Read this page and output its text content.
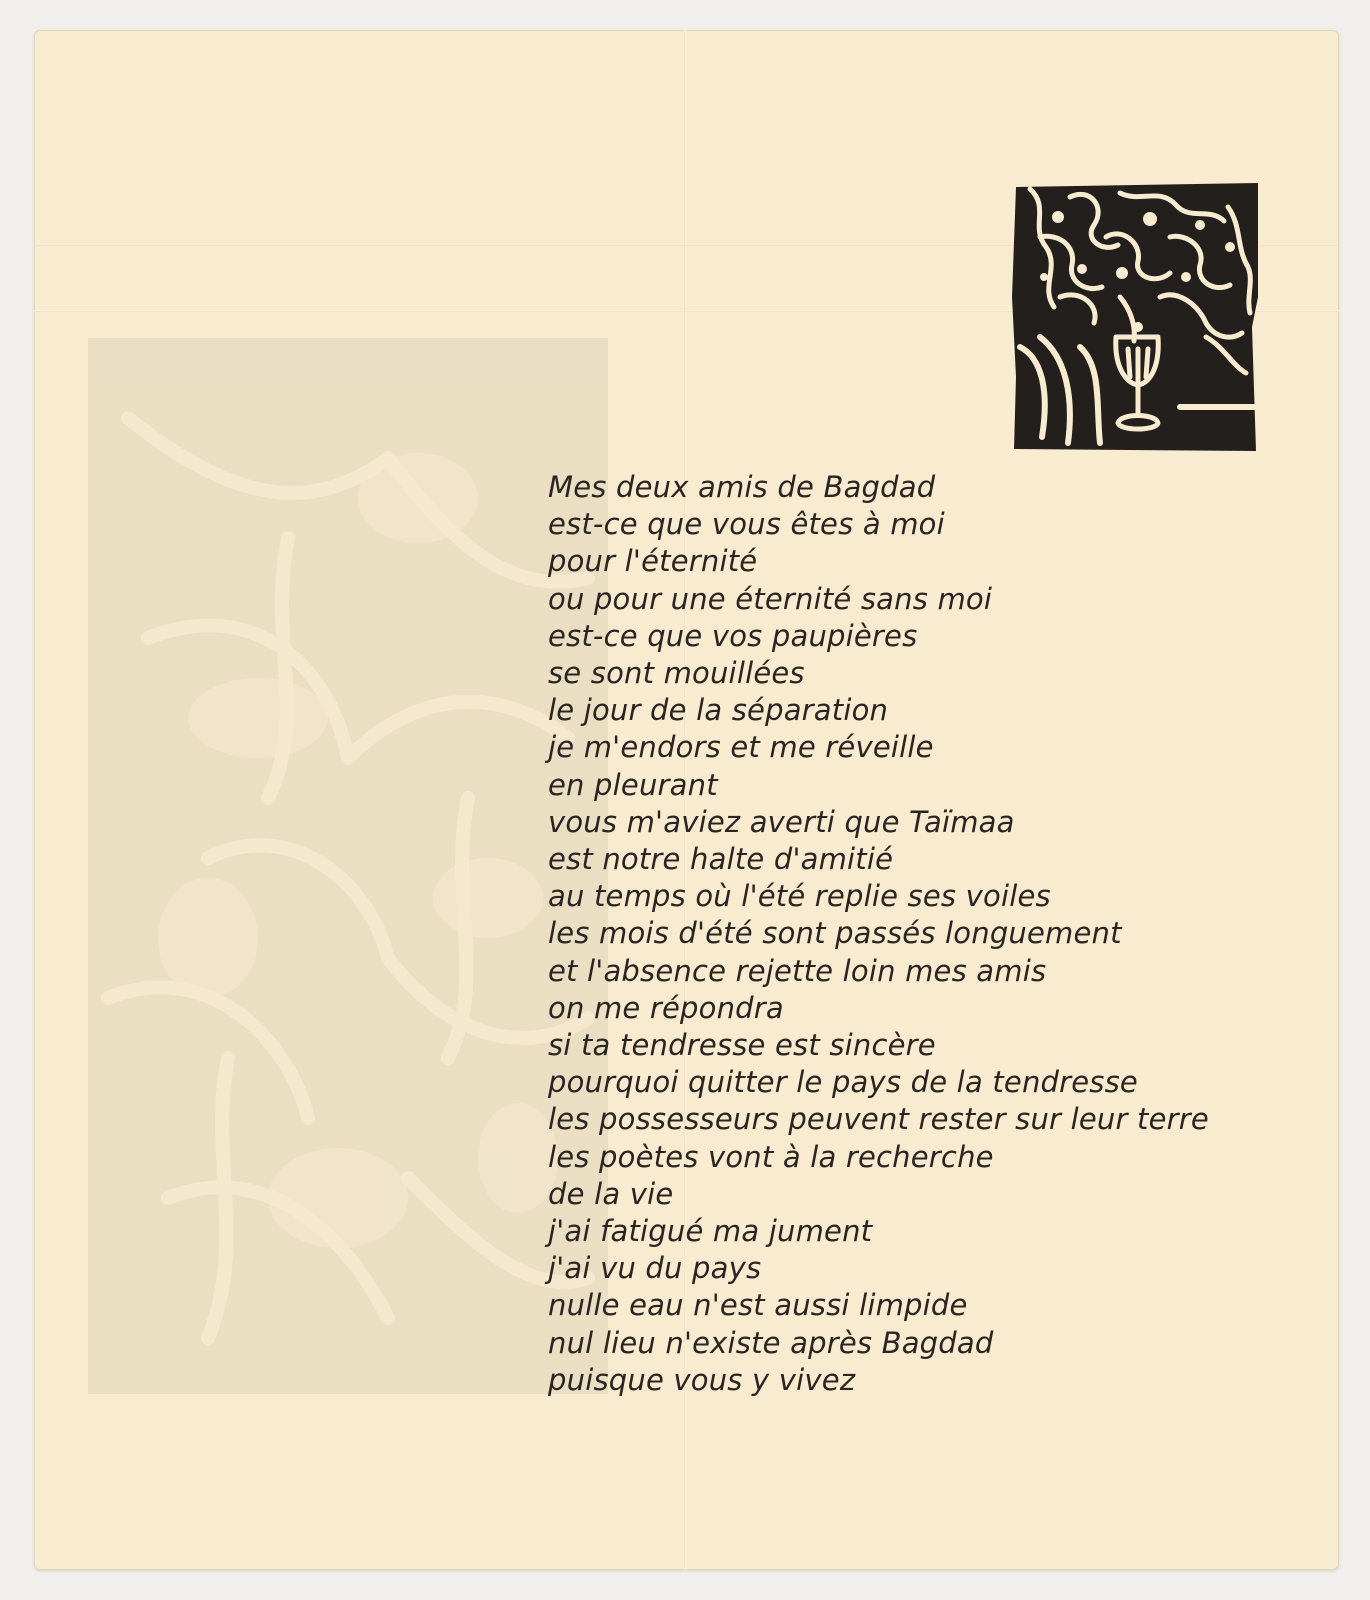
Mes deux amis de Bagdad
est-ce que vous êtes à moi
pour l'éternité
ou pour une éternité sans moi
est-ce que vos paupières
se sont mouillées
le jour de la séparation
je m'endors et me réveille
en pleurant
vous m'aviez averti que Taïmaa
est notre halte d'amitié
au temps où l'été replie ses voiles
les mois d'été sont passés longuement
et l'absence rejette loin mes amis
on me répondra
si ta tendresse est sincère
pourquoi quitter le pays de la tendresse
les possesseurs peuvent rester sur leur terre
les poètes vont à la recherche
de la vie
j'ai fatigué ma jument
j'ai vu du pays
nulle eau n'est aussi limpide
nul lieu n'existe après Bagdad
puisque vous y vivez
